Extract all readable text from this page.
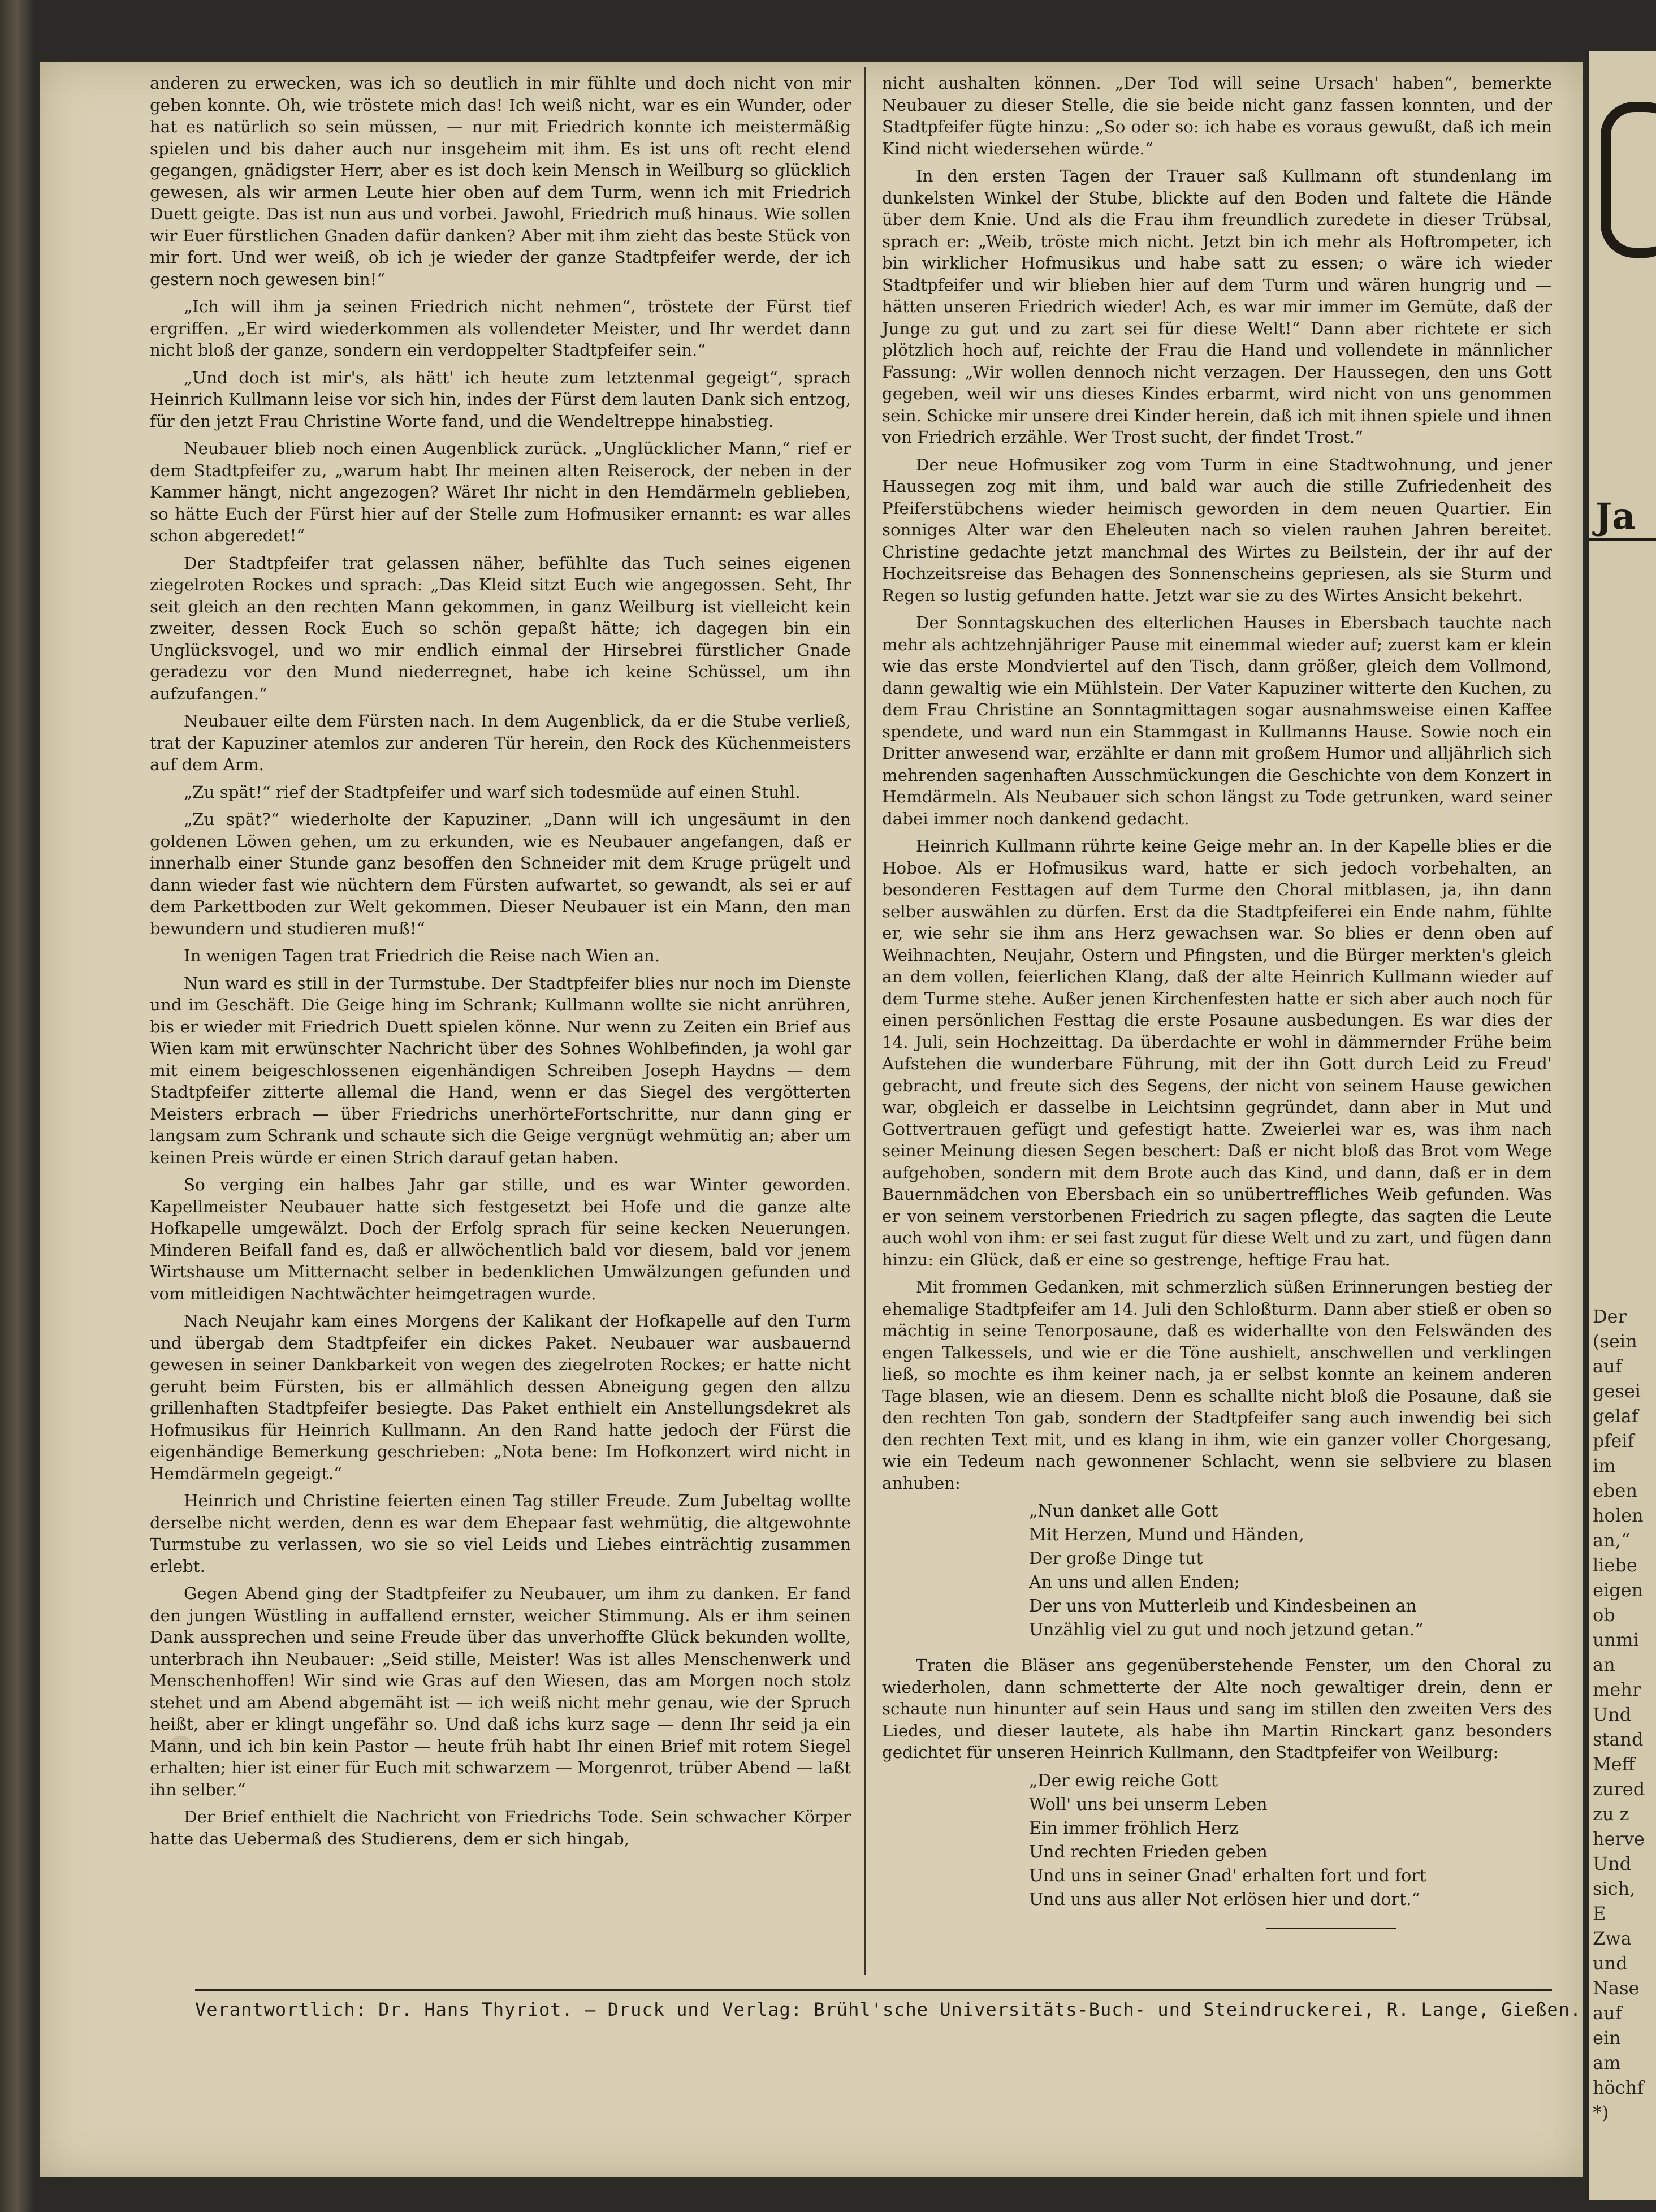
anderen zu erwecken, was ich so deutlich in mir fühlte und doch nicht von mir geben konnte. Oh, wie tröstete mich das! Ich weiß nicht, war es ein Wunder, oder hat es natürlich so sein müssen, — nur mit Friedrich konnte ich meistermäßig spielen und bis daher auch nur insgeheim mit ihm. Es ist uns oft recht elend gegangen, gnädigster Herr, aber es ist doch kein Mensch in Weilburg so glücklich gewesen, als wir armen Leute hier oben auf dem Turm, wenn ich mit Friedrich Duett geigte. Das ist nun aus und vorbei. Jawohl, Friedrich muß hinaus. Wie sollen wir Euer fürstlichen Gnaden dafür danken? Aber mit ihm zieht das beste Stück von mir fort. Und wer weiß, ob ich je wieder der ganze Stadtpfeifer werde, der ich gestern noch gewesen bin!“

„Ich will ihm ja seinen Friedrich nicht nehmen“, tröstete der Fürst tief ergriffen. „Er wird wiederkommen als vollendeter Meister, und Ihr werdet dann nicht bloß der ganze, sondern ein verdoppelter Stadtpfeifer sein.“

„Und doch ist mir's, als hätt' ich heute zum letztenmal gegeigt“, sprach Heinrich Kullmann leise vor sich hin, indes der Fürst dem lauten Dank sich entzog, für den jetzt Frau Christine Worte fand, und die Wendeltreppe hinabstieg.

Neubauer blieb noch einen Augenblick zurück. „Unglücklicher Mann,“ rief er dem Stadtpfeifer zu, „warum habt Ihr meinen alten Reiserock, der neben in der Kammer hängt, nicht angezogen? Wäret Ihr nicht in den Hemdärmeln geblieben, so hätte Euch der Fürst hier auf der Stelle zum Hofmusiker ernannt: es war alles schon abgeredet!“

Der Stadtpfeifer trat gelassen näher, befühlte das Tuch seines eigenen ziegelroten Rockes und sprach: „Das Kleid sitzt Euch wie angegossen. Seht, Ihr seit gleich an den rechten Mann gekommen, in ganz Weilburg ist vielleicht kein zweiter, dessen Rock Euch so schön gepaßt hätte; ich dagegen bin ein Unglücksvogel, und wo mir endlich einmal der Hirsebrei fürstlicher Gnade geradezu vor den Mund niederregnet, habe ich keine Schüssel, um ihn aufzufangen.“

Neubauer eilte dem Fürsten nach. In dem Augenblick, da er die Stube verließ, trat der Kapuziner atemlos zur anderen Tür herein, den Rock des Küchenmeisters auf dem Arm.

„Zu spät!“ rief der Stadtpfeifer und warf sich todesmüde auf einen Stuhl.

„Zu spät?“ wiederholte der Kapuziner. „Dann will ich ungesäumt in den goldenen Löwen gehen, um zu erkunden, wie es Neubauer angefangen, daß er innerhalb einer Stunde ganz besoffen den Schneider mit dem Kruge prügelt und dann wieder fast wie nüchtern dem Fürsten aufwartet, so gewandt, als sei er auf dem Parkettboden zur Welt gekommen. Dieser Neubauer ist ein Mann, den man bewundern und studieren muß!“

In wenigen Tagen trat Friedrich die Reise nach Wien an.

Nun ward es still in der Turmstube. Der Stadtpfeifer blies nur noch im Dienste und im Geschäft. Die Geige hing im Schrank; Kullmann wollte sie nicht anrühren, bis er wieder mit Friedrich Duett spielen könne. Nur wenn zu Zeiten ein Brief aus Wien kam mit erwünschter Nachricht über des Sohnes Wohlbefinden, ja wohl gar mit einem beigeschlossenen eigenhändigen Schreiben Joseph Haydns — dem Stadtpfeifer zitterte allemal die Hand, wenn er das Siegel des vergötterten Meisters erbrach — über Friedrichs unerhörteFortschritte, nur dann ging er langsam zum Schrank und schaute sich die Geige vergnügt wehmütig an; aber um keinen Preis würde er einen Strich darauf getan haben.

So verging ein halbes Jahr gar stille, und es war Winter geworden. Kapellmeister Neubauer hatte sich festgesetzt bei Hofe und die ganze alte Hofkapelle umgewälzt. Doch der Erfolg sprach für seine kecken Neuerungen. Minderen Beifall fand es, daß er allwöchentlich bald vor diesem, bald vor jenem Wirtshause um Mitternacht selber in bedenklichen Umwälzungen gefunden und vom mitleidigen Nachtwächter heimgetragen wurde.

Nach Neujahr kam eines Morgens der Kalikant der Hofkapelle auf den Turm und übergab dem Stadtpfeifer ein dickes Paket. Neubauer war ausbauernd gewesen in seiner Dankbarkeit von wegen des ziegelroten Rockes; er hatte nicht geruht beim Fürsten, bis er allmählich dessen Abneigung gegen den allzu grillenhaften Stadtpfeifer besiegte. Das Paket enthielt ein Anstellungsdekret als Hofmusikus für Heinrich Kullmann. An den Rand hatte jedoch der Fürst die eigenhändige Bemerkung geschrieben: „Nota bene: Im Hofkonzert wird nicht in Hemdärmeln gegeigt.“

Heinrich und Christine feierten einen Tag stiller Freude. Zum Jubeltag wollte derselbe nicht werden, denn es war dem Ehepaar fast wehmütig, die altgewohnte Turmstube zu verlassen, wo sie so viel Leids und Liebes einträchtig zusammen erlebt.

Gegen Abend ging der Stadtpfeifer zu Neubauer, um ihm zu danken. Er fand den jungen Wüstling in auffallend ernster, weicher Stimmung. Als er ihm seinen Dank aussprechen und seine Freude über das unverhoffte Glück bekunden wollte, unterbrach ihn Neubauer: „Seid stille, Meister! Was ist alles Menschenwerk und Menschenhoffen! Wir sind wie Gras auf den Wiesen, das am Morgen noch stolz stehet und am Abend abgemäht ist — ich weiß nicht mehr genau, wie der Spruch heißt, aber er klingt ungefähr so. Und daß ichs kurz sage — denn Ihr seid ja ein Mann, und ich bin kein Pastor — heute früh habt Ihr einen Brief mit rotem Siegel erhalten; hier ist einer für Euch mit schwarzem — Morgenrot, trüber Abend — laßt ihn selber.“

Der Brief enthielt die Nachricht von Friedrichs Tode. Sein schwacher Körper hatte das Uebermaß des Studierens, dem er sich hingab,

nicht aushalten können. „Der Tod will seine Ursach' haben“, bemerkte Neubauer zu dieser Stelle, die sie beide nicht ganz fassen konnten, und der Stadtpfeifer fügte hinzu: „So oder so: ich habe es voraus gewußt, daß ich mein Kind nicht wiedersehen würde.“

In den ersten Tagen der Trauer saß Kullmann oft stundenlang im dunkelsten Winkel der Stube, blickte auf den Boden und faltete die Hände über dem Knie. Und als die Frau ihm freundlich zuredete in dieser Trübsal, sprach er: „Weib, tröste mich nicht. Jetzt bin ich mehr als Hoftrompeter, ich bin wirklicher Hofmusikus und habe satt zu essen; o wäre ich wieder Stadtpfeifer und wir blieben hier auf dem Turm und wären hungrig und — hätten unseren Friedrich wieder! Ach, es war mir immer im Gemüte, daß der Junge zu gut und zu zart sei für diese Welt!“ Dann aber richtete er sich plötzlich hoch auf, reichte der Frau die Hand und vollendete in männlicher Fassung: „Wir wollen dennoch nicht verzagen. Der Haussegen, den uns Gott gegeben, weil wir uns dieses Kindes erbarmt, wird nicht von uns genommen sein. Schicke mir unsere drei Kinder herein, daß ich mit ihnen spiele und ihnen von Friedrich erzähle. Wer Trost sucht, der findet Trost.“

Der neue Hofmusiker zog vom Turm in eine Stadtwohnung, und jener Haussegen zog mit ihm, und bald war auch die stille Zufriedenheit des Pfeiferstübchens wieder heimisch geworden in dem neuen Quartier. Ein sonniges Alter war den Eheleuten nach so vielen rauhen Jahren bereitet. Christine gedachte jetzt manchmal des Wirtes zu Beilstein, der ihr auf der Hochzeitsreise das Behagen des Sonnenscheins gepriesen, als sie Sturm und Regen so lustig gefunden hatte. Jetzt war sie zu des Wirtes Ansicht bekehrt.

Der Sonntagskuchen des elterlichen Hauses in Ebersbach tauchte nach mehr als achtzehnjähriger Pause mit einemmal wieder auf; zuerst kam er klein wie das erste Mondviertel auf den Tisch, dann größer, gleich dem Vollmond, dann gewaltig wie ein Mühlstein. Der Vater Kapuziner witterte den Kuchen, zu dem Frau Christine an Sonntagmittagen sogar ausnahmsweise einen Kaffee spendete, und ward nun ein Stammgast in Kullmanns Hause. Sowie noch ein Dritter anwesend war, erzählte er dann mit großem Humor und alljährlich sich mehrenden sagenhaften Ausschmückungen die Geschichte von dem Konzert in Hemdärmeln. Als Neubauer sich schon längst zu Tode getrunken, ward seiner dabei immer noch dankend gedacht.

Heinrich Kullmann rührte keine Geige mehr an. In der Kapelle blies er die Hoboe. Als er Hofmusikus ward, hatte er sich jedoch vorbehalten, an besonderen Festtagen auf dem Turme den Choral mitblasen, ja, ihn dann selber auswählen zu dürfen. Erst da die Stadtpfeiferei ein Ende nahm, fühlte er, wie sehr sie ihm ans Herz gewachsen war. So blies er denn oben auf Weihnachten, Neujahr, Ostern und Pfingsten, und die Bürger merkten's gleich an dem vollen, feierlichen Klang, daß der alte Heinrich Kullmann wieder auf dem Turme stehe. Außer jenen Kirchenfesten hatte er sich aber auch noch für einen persönlichen Festtag die erste Posaune ausbedungen. Es war dies der 14. Juli, sein Hochzeittag. Da überdachte er wohl in dämmernder Frühe beim Aufstehen die wunderbare Führung, mit der ihn Gott durch Leid zu Freud' gebracht, und freute sich des Segens, der nicht von seinem Hause gewichen war, obgleich er dasselbe in Leichtsinn gegründet, dann aber in Mut und Gottvertrauen gefügt und gefestigt hatte. Zweierlei war es, was ihm nach seiner Meinung diesen Segen beschert: Daß er nicht bloß das Brot vom Wege aufgehoben, sondern mit dem Brote auch das Kind, und dann, daß er in dem Bauernmädchen von Ebersbach ein so unübertreffliches Weib gefunden. Was er von seinem verstorbenen Friedrich zu sagen pflegte, das sagten die Leute auch wohl von ihm: er sei fast zugut für diese Welt und zu zart, und fügen dann hinzu: ein Glück, daß er eine so gestrenge, heftige Frau hat.

Mit frommen Gedanken, mit schmerzlich süßen Erinnerungen bestieg der ehemalige Stadtpfeifer am 14. Juli den Schloßturm. Dann aber stieß er oben so mächtig in seine Tenorposaune, daß es widerhallte von den Felswänden des engen Talkessels, und wie er die Töne aushielt, anschwellen und verklingen ließ, so mochte es ihm keiner nach, ja er selbst konnte an keinem anderen Tage blasen, wie an diesem. Denn es schallte nicht bloß die Posaune, daß sie den rechten Ton gab, sondern der Stadtpfeifer sang auch inwendig bei sich den rechten Text mit, und es klang in ihm, wie ein ganzer voller Chorgesang, wie ein Tedeum nach gewonnener Schlacht, wenn sie selbviere zu blasen anhuben:

„Nun danket alle Gott
Mit Herzen, Mund und Händen,
Der große Dinge tut
An uns und allen Enden;
Der uns von Mutterleib und Kindesbeinen an
Unzählig viel zu gut und noch jetzund getan.“

Traten die Bläser ans gegenüberstehende Fenster, um den Choral zu wiederholen, dann schmetterte der Alte noch gewaltiger drein, denn er schaute nun hinunter auf sein Haus und sang im stillen den zweiten Vers des Liedes, und dieser lautete, als habe ihn Martin Rinckart ganz besonders gedichtet für unseren Heinrich Kullmann, den Stadtpfeifer von Weilburg:

„Der ewig reiche Gott
Woll' uns bei unserm Leben
Ein immer fröhlich Herz
Und rechten Frieden geben
Und uns in seiner Gnad' erhalten fort und fort
Und uns aus aller Not erlösen hier und dort.“
Verantwortlich: Dr. Hans Thyriot. — Druck und Verlag: Brühl'sche Universitäts-Buch- und Steindruckerei, R. Lange, Gießen.
Ja
Der
(sein
auf
gesei
gelaf
pfeif
im
eben
holen
an,“
liebe
eigen
ob
unmi
an
mehr
Und
stand
Meff
zured
zu z
herve
Und
sich,
E
Zwa
und
Nase
auf
ein
am
höchf
*)
